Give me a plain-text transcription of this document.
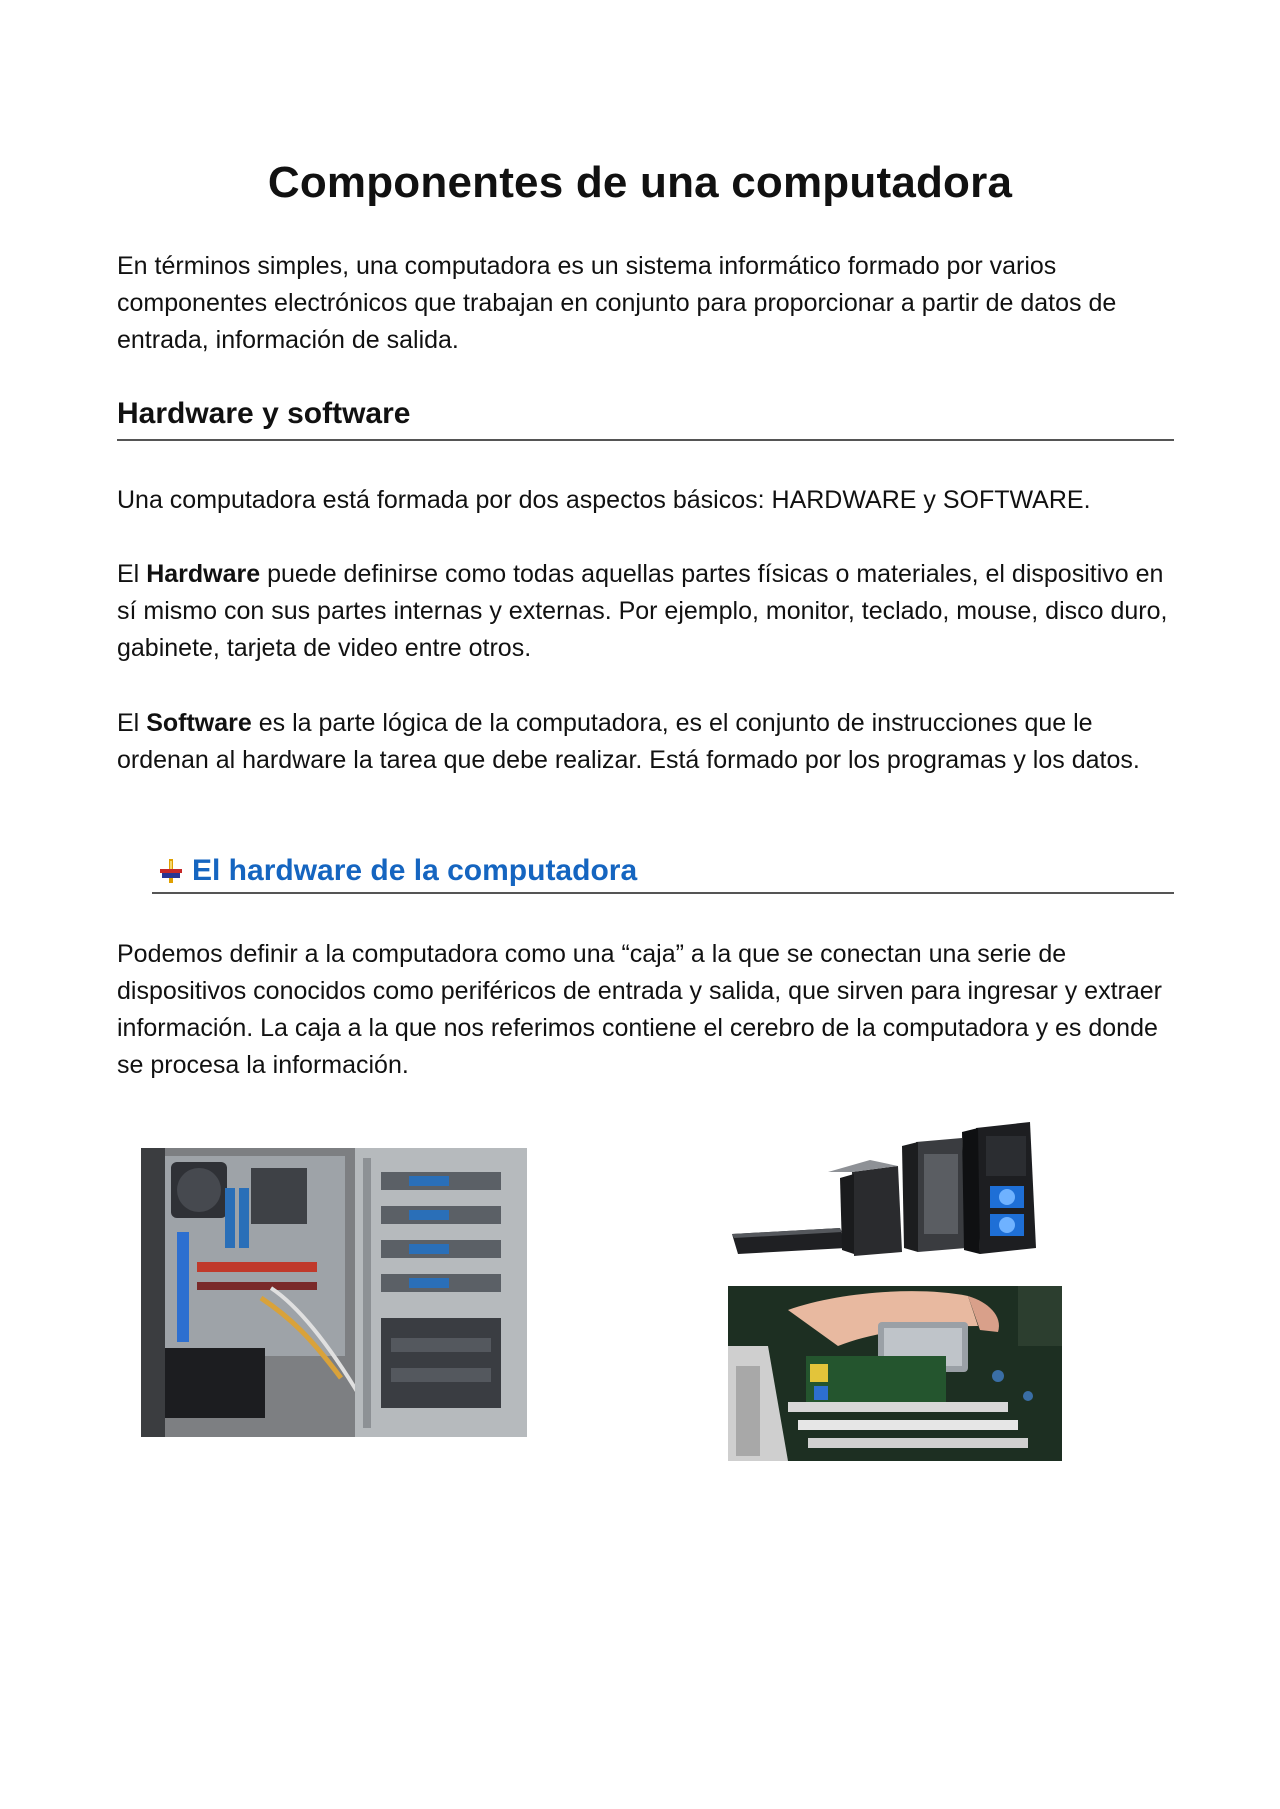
Componentes de una computadora

En términos simples, una computadora es un sistema informático formado por varios componentes electrónicos que trabajan en conjunto para proporcionar a partir de datos de entrada, información de salida.

Hardware y software

Una computadora está formada por dos aspectos básicos: HARDWARE y SOFTWARE.

El Hardware puede definirse como todas aquellas partes físicas o materiales, el dispositivo en sí mismo con sus partes internas y externas. Por ejemplo, monitor, teclado, mouse, disco duro, gabinete, tarjeta de video entre otros.

El Software es la parte lógica de la computadora, es el conjunto de instrucciones que le ordenan al hardware la tarea que debe realizar. Está formado por los programas y los datos.

El hardware de la computadora

Podemos definir a la computadora como una “caja” a la que se conectan una serie de dispositivos conocidos como periféricos de entrada y salida, que sirven para ingresar y extraer información. La caja a la que nos referimos contiene el cerebro de la computadora y es donde se procesa la información.
